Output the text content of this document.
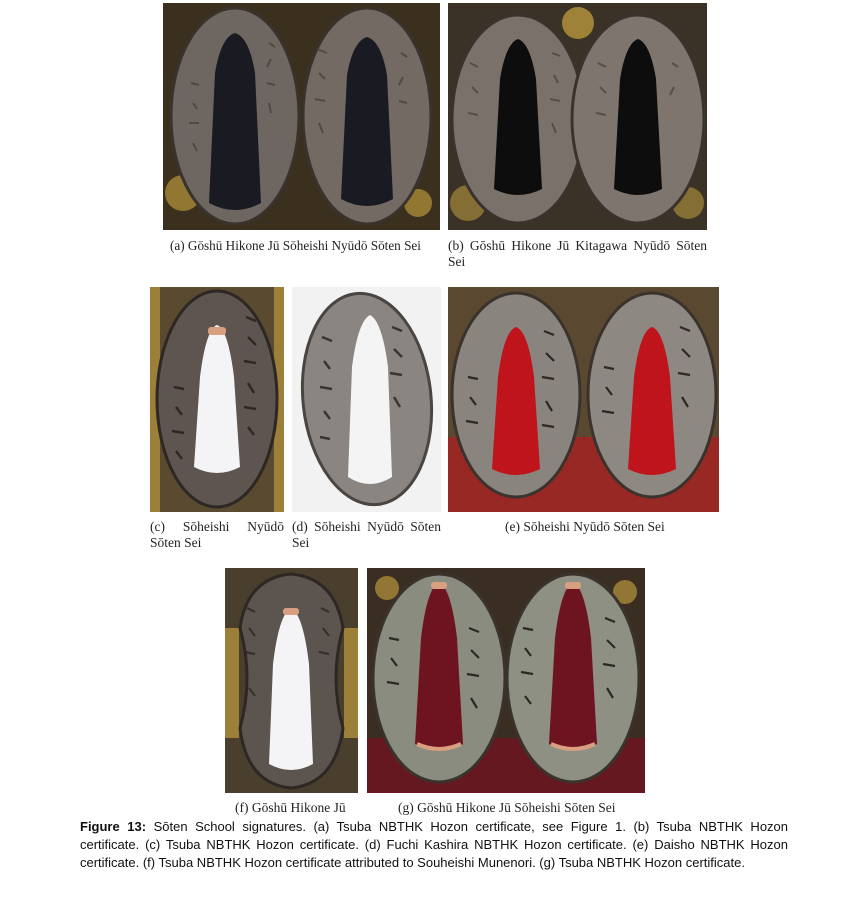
(a) Gōshū Hikone Jū Sōheishi Nyūdō Sōten Sei	(b) Gōshū Hikone Jū Kitagawa Nyūdō Sōten
Sei
(c) Sōheishi Nyūdō
Sōten Sei
(d) Sōheishi Nyūdō Sōten
Sei
(e) Sōheishi Nyūdō Sōten Sei
(f) Gōshū Hikone Jū	(g) Gōshū Hikone Jū Sōheishi Sōten Sei
Figure 13: Sōten School signatures. (a) Tsuba NBTHK Hozon certificate, see Figure 1. (b) Tsuba NBTHK Hozon certificate. (c) Tsuba NBTHK Hozon certificate. (d) Fuchi Kashira NBTHK Hozon certificate. (e) Daisho NBTHK Hozon certificate. (f) Tsuba NBTHK Hozon certificate attributed to Souheishi Munenori. (g) Tsuba NBTHK Hozon certificate.
